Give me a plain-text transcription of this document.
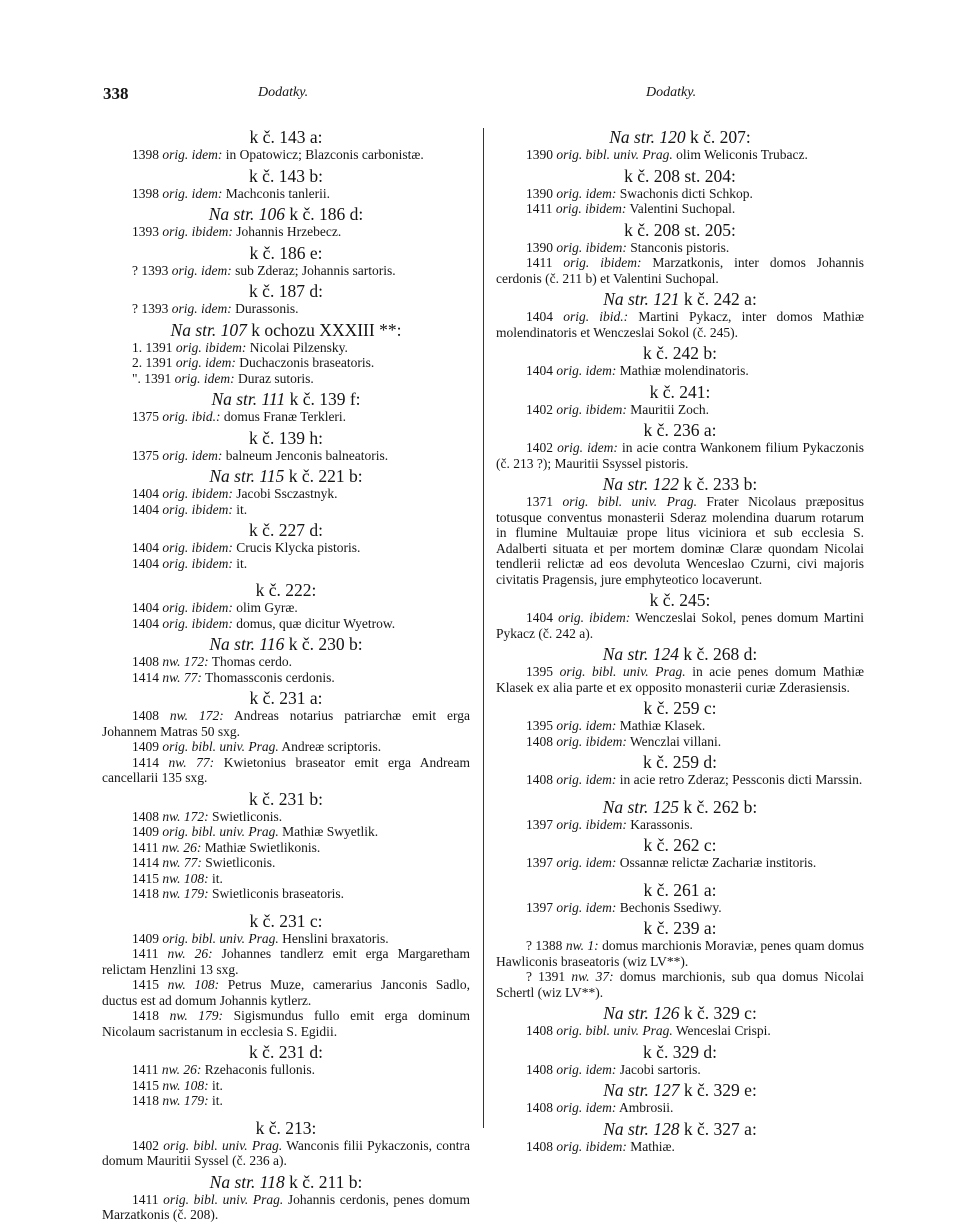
338	Dodatky.	Dodatky.
k č. 143 a:

1398 orig. idem: in Opatowicz; Blazconis carbonistæ.

k č. 143 b:

1398 orig. idem: Machconis tanlerii.

Na str. 106 k č. 186 d:

1393 orig. ibidem: Johannis Hrzebecz.

k č. 186 e:

? 1393 orig. idem: sub Zderaz; Johannis sartoris.

k č. 187 d:

? 1393 orig. idem: Durassonis.

Na str. 107 k ochozu XXXIII **:

1. 1391 orig. ibidem: Nicolai Pilzensky.

2. 1391 orig. idem: Duchaczonis braseatoris.

". 1391 orig. idem: Duraz sutoris.

Na str. 111 k č. 139 f:

1375 orig. ibid.: domus Franæ Terkleri.

k č. 139 h:

1375 orig. idem: balneum Jenconis balneatoris.

Na str. 115 k č. 221 b:

1404 orig. ibidem: Jacobi Ssczastnyk.

1404 orig. ibidem: it.

k č. 227 d:

1404 orig. ibidem: Crucis Klycka pistoris.

1404 orig. ibidem: it.

k č. 222:

1404 orig. ibidem: olim Gyræ.

1404 orig. ibidem: domus, quæ dicitur Wyetrow.

Na str. 116 k č. 230 b:

1408 nw. 172: Thomas cerdo.

1414 nw. 77: Thomassconis cerdonis.

k č. 231 a:

1408 nw. 172: Andreas notarius patriarchæ emit erga Johannem Matras 50 sxg.

1409 orig. bibl. univ. Prag. Andreæ scriptoris.

1414 nw. 77: Kwietonius braseator emit erga Andream cancellarii 135 sxg.

k č. 231 b:

1408 nw. 172: Swietliconis.

1409 orig. bibl. univ. Prag. Mathiæ Swyetlik.

1411 nw. 26: Mathiæ Swietlikonis.

1414 nw. 77: Swietliconis.

1415 nw. 108: it.

1418 nw. 179: Swietliconis braseatoris.

k č. 231 c:

1409 orig. bibl. univ. Prag. Henslini braxatoris.

1411 nw. 26: Johannes tandlerz emit erga Margaretham relictam Henzlini 13 sxg.

1415 nw. 108: Petrus Muze, camerarius Janconis Sadlo, ductus est ad domum Johannis kytlerz.

1418 nw. 179: Sigismundus fullo emit erga dominum Nicolaum sacristanum in ecclesia S. Egidii.

k č. 231 d:

1411 nw. 26: Rzehaconis fullonis.

1415 nw. 108: it.

1418 nw. 179: it.

k č. 213:

1402 orig. bibl. univ. Prag. Wanconis filii Pykaczonis, contra domum Mauritii Syssel (č. 236 a).

Na str. 118 k č. 211 b:

1411 orig. bibl. univ. Prag. Johannis cerdonis, penes domum Marzatkonis (č. 208).

Na str. 120 k č. 207:

1390 orig. bibl. univ. Prag. olim Weliconis Trubacz.

k č. 208 st. 204:

1390 orig. idem: Swachonis dicti Schkop.

1411 orig. ibidem: Valentini Suchopal.

k č. 208 st. 205:

1390 orig. ibidem: Stanconis pistoris.

1411 orig. ibidem: Marzatkonis, inter domos Johannis cerdonis (č. 211 b) et Valentini Suchopal.

Na str. 121 k č. 242 a:

1404 orig. ibid.: Martini Pykacz, inter domos Mathiæ molendinatoris et Wenczeslai Sokol (č. 245).

k č. 242 b:

1404 orig. idem: Mathiæ molendinatoris.

k č. 241:

1402 orig. ibidem: Mauritii Zoch.

k č. 236 a:

1402 orig. idem: in acie contra Wankonem filium Pykaczonis (č. 213 ?); Mauritii Ssyssel pistoris.

Na str. 122 k č. 233 b:

1371 orig. bibl. univ. Prag. Frater Nicolaus præpositus totusque conventus monasterii Sderaz molendina duarum rotarum in flumine Multauiæ prope litus viciniora et sub ecclesia S. Adalberti situata et per mortem dominæ Claræ quondam Nicolai tendlerii relictæ ad eos devoluta Wenceslao Czurni, civi majoris civitatis Pragensis, jure emphyteotico locaverunt.

k č. 245:

1404 orig. ibidem: Wenczeslai Sokol, penes domum Martini Pykacz (č. 242 a).

Na str. 124 k č. 268 d:

1395 orig. bibl. univ. Prag. in acie penes domum Mathiæ Klasek ex alia parte et ex opposito monasterii curiæ Zderasiensis.

k č. 259 c:

1395 orig. idem: Mathiæ Klasek.

1408 orig. ibidem: Wenczlai villani.

k č. 259 d:

1408 orig. idem: in acie retro Zderaz; Pessconis dicti Marssin.

Na str. 125 k č. 262 b:

1397 orig. ibidem: Karassonis.

k č. 262 c:

1397 orig. idem: Ossannæ relictæ Zachariæ institoris.

k č. 261 a:

1397 orig. idem: Bechonis Ssediwy.

k č. 239 a:

? 1388 nw. 1: domus marchionis Moraviæ, penes quam domus Hawliconis braseatoris (wiz LV**).

? 1391 nw. 37: domus marchionis, sub qua domus Nicolai Schertl (wiz LV**).

Na str. 126 k č. 329 c:

1408 orig. bibl. univ. Prag. Wenceslai Crispi.

k č. 329 d:

1408 orig. idem: Jacobi sartoris.

Na str. 127 k č. 329 e:

1408 orig. idem: Ambrosii.

Na str. 128 k č. 327 a:

1408 orig. ibidem: Mathiæ.
